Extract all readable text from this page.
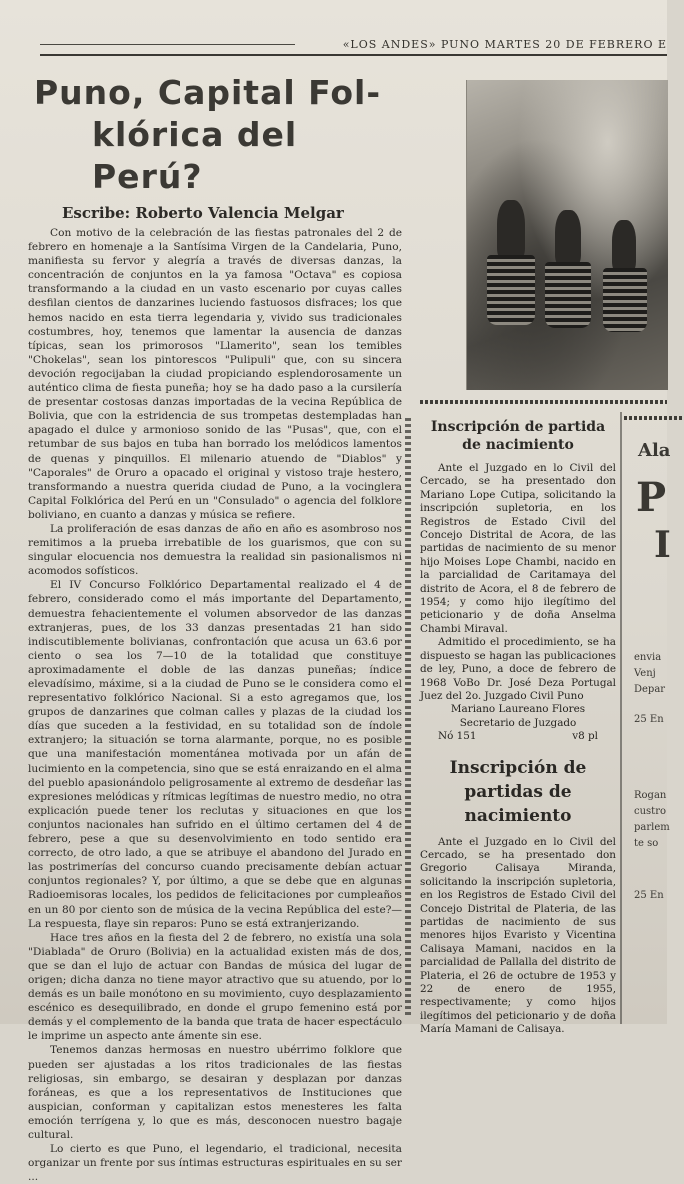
«LOS ANDES» PUNO MARTES 20 DE FEBRERO E
Puno, Capital Fol-
klórica del Perú?
Escribe: Roberto Valencia Melgar

Con motivo de la celebración de las fiestas patronales del 2 de febrero en homenaje a la Santísima Virgen de la Candelaria, Puno, manifiesta su fervor y alegría a través de diversas danzas, la concentración de conjuntos en la ya famosa "Octava" es copiosa transformando a la ciudad en un vasto escenario por cuyas calles desfilan cientos de danzarines luciendo fastuosos disfraces; los que hemos nacido en esta tierra legendaria y, vivido sus tradicionales costumbres, hoy, tenemos que lamentar la ausencia de danzas típicas, sean los primorosos "Llamerito", sean los temibles "Chokelas", sean los pintorescos "Pulipuli" que, con su sincera devoción regocijaban la ciudad propiciando esplendorosamente un auténtico clima de fiesta puneña; hoy se ha dado paso a la cursilería de presentar costosas danzas importadas de la vecina República de Bolivia, que con la estridencia de sus trompetas destempladas han apagado el dulce y armonioso sonido de las "Pusas", que, con el retumbar de sus bajos en tuba han borrado los melódicos lamentos de quenas y pinquillos. El milenario atuendo de "Diablos" y "Caporales" de Oruro a opacado el original y vistoso traje hestero, transformando a nuestra querida ciudad de Puno, a la vocinglera Capital Folklórica del Perú en un "Consulado" o agencia del folklore boliviano, en cuanto a danzas y música se refiere.

La proliferación de esas danzas de año en año es asombroso nos remitimos a la prueba irrebatible de los guarismos, que con su singular elocuencia nos demuestra la realidad sin pasionalismos ni acomodos sofísticos.

El IV Concurso Folklórico Departamental realizado el 4 de febrero, considerado como el más importante del Departamento, demuestra fehacientemente el volumen absorvedor de las danzas extranjeras, pues, de los 33 danzas presentadas 21 han sido indiscutiblemente bolivianas, confrontación que acusa un 63.6 por ciento o sea los 7—10 de la totalidad que constituye aproximadamente el doble de las danzas puneñas; índice elevadísimo, máxime, si a la ciudad de Puno se le considera como el representativo folklórico Nacional. Si a esto agregamos que, los grupos de danzarines que colman calles y plazas de la ciudad los días que suceden a la festividad, en su totalidad son de índole extranjero; la situación se torna alarmante, porque, no es posible que una manifestación momentánea motivada por un afán de lucimiento en la competencia, sino que se está enraizando en el alma del pueblo apasionándolo peligrosamente al extremo de desdeñar las expresiones melódicas y rítmicas legítimas de nuestro medio, no otra explicación puede tener los reclutas y situaciones en que los conjuntos nacionales han sufrido en el último certamen del 4 de febrero, pese a que su desenvolvimiento en todo sentido era correcto, de otro lado, a que se atribuye el abandono del Jurado en las postrimerías del concurso cuando precisamente debían actuar conjuntos regionales? Y, por último, a que se debe que en algunas Radioemisoras locales, los pedidos de felicitaciones por cumpleaños en un 80 por ciento son de música de la vecina República del este?— La respuesta, flaye sin reparos: Puno se está extranjerizando.

Hace tres años en la fiesta del 2 de febrero, no existía una sola "Diablada" de Oruro (Bolivia) en la actualidad existen más de dos, que se dan el lujo de actuar con Bandas de música del lugar de origen; dicha danza no tiene mayor atractivo que su atuendo, por lo demás es un baile monótono en su movimiento, cuyo desplazamiento escénico es desequilibrado, en donde el grupo femenino está por demás y el complemento de la banda que trata de hacer espectáculo le imprime un aspecto ante ámente sin ese.

Tenemos danzas hermosas en nuestro ubérrimo folklore que pueden ser ajustadas a los ritos tradicionales de las fiestas religiosas, sin embargo, se desairan y desplazan por danzas foráneas, es que a los representativos de Instituciones que auspician, conforman y capitalizan estos menesteres les falta emoción terrígena y, lo que es más, desconocen nuestro bagaje cultural.

Lo cierto es que Puno, el legendario, el tradicional, necesita organizar un frente por sus íntimas estructuras espirituales en su ser ...

Inscripción de partida de nacimiento

Ante el Juzgado en lo Civil del Cercado, se ha presentado don Mariano Lope Cutipa, solicitando la inscripción supletoria, en los Registros de Estado Civil del Concejo Distrital de Acora, de las partidas de nacimiento de su menor hijo Moises Lope Chambi, nacido en la parcialidad de Caritamaya del distrito de Acora, el 8 de febrero de 1954; y como hijo ilegítimo del peticionario y de doña Anselma Chambi Miraval.

Admitido el procedimiento, se ha dispuesto se hagan las publicaciones de ley, Puno, a doce de febrero de 1968 VoBo Dr. José Deza Portugal Juez del 2o. Juzgado Civil Puno

Mariano Laureano Flores
Secretario de Juzgado
Nó 151	v8 pl
Inscripción de partidas de nacimiento

Ante el Juzgado en lo Civil del Cercado, se ha presentado don Gregorio Calisaya Miranda, solicitando la inscripción supletoria, en los Registros de Estado Civil del Concejo Distrital de Plateria, de las partidas de nacimiento de sus menores hijos Evaristo y Vicentina Calisaya Mamani, nacidos en la parcialidad de Pallalla del distrito de Plateria, el 26 de octubre de 1953 y 22 de enero de 1955, respectivamente; y como hijos ilegítimos del peticionario y de doña María Mamani de Calisaya.

Ala
P
I
envia
Venj
Depar
25 En
Rogan
custro
parlem
te so
25 En
